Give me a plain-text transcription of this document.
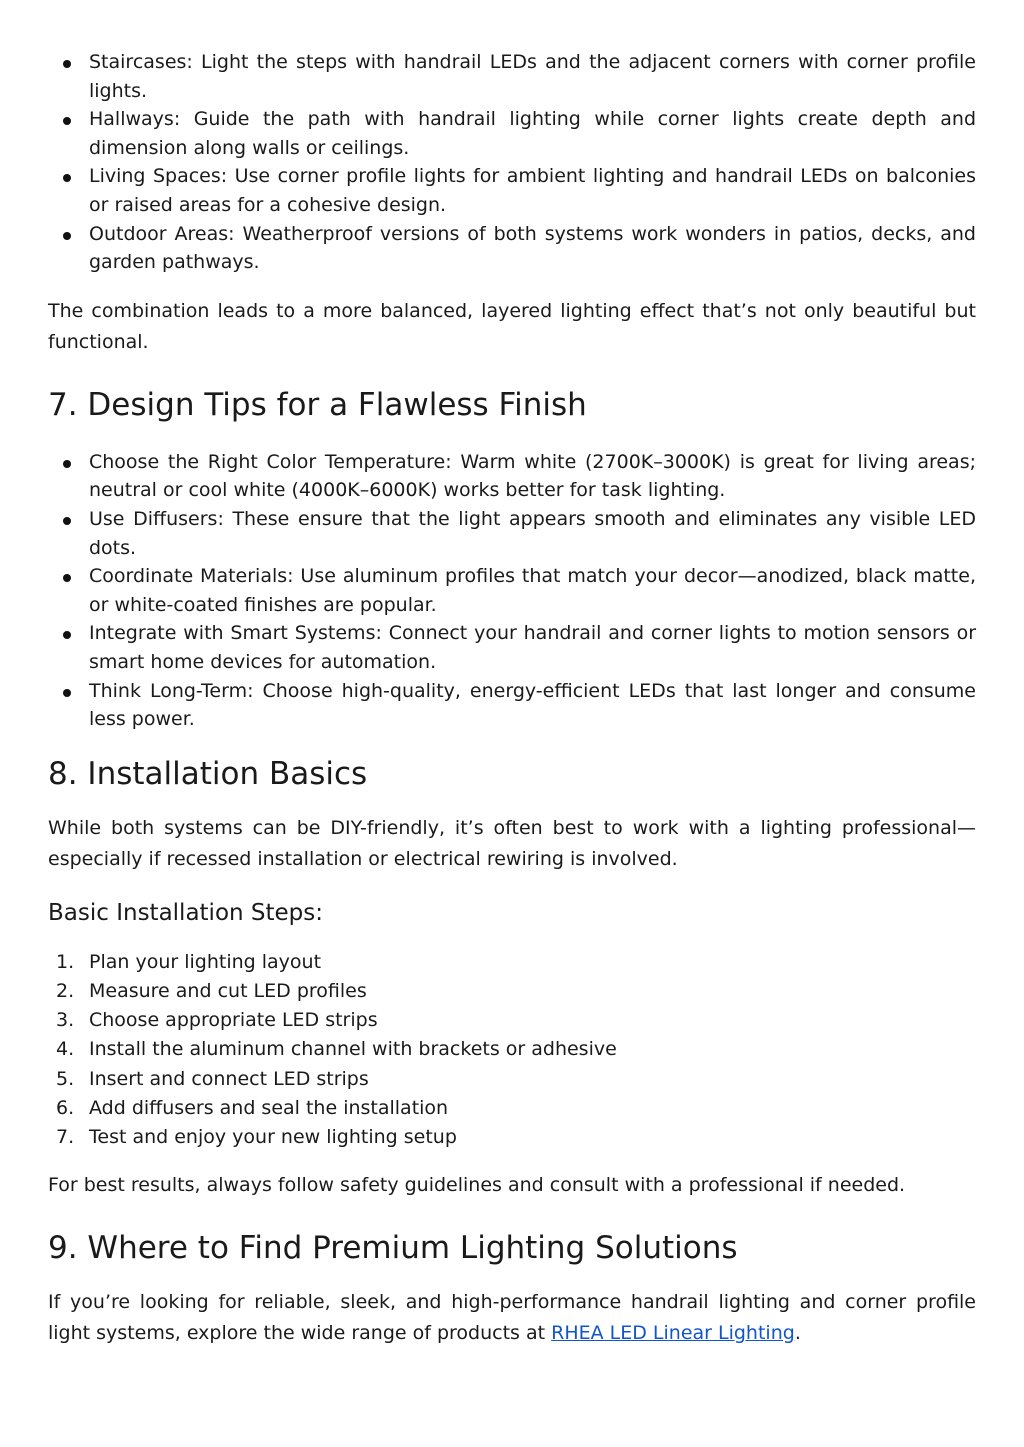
Staircases: Light the steps with handrail LEDs and the adjacent corners with corner profile lights.
Hallways: Guide the path with handrail lighting while corner lights create depth and dimension along walls or ceilings.
Living Spaces: Use corner profile lights for ambient lighting and handrail LEDs on balconies or raised areas for a cohesive design.
Outdoor Areas: Weatherproof versions of both systems work wonders in patios, decks, and garden pathways.

The combination leads to a more balanced, layered lighting effect that’s not only beautiful but functional.

7. Design Tips for a Flawless Finish
Choose the Right Color Temperature: Warm white (2700K–3000K) is great for living areas; neutral or cool white (4000K–6000K) works better for task lighting.
Use Diffusers: These ensure that the light appears smooth and eliminates any visible LED dots.
Coordinate Materials: Use aluminum profiles that match your decor—anodized, black matte, or white-coated finishes are popular.
Integrate with Smart Systems: Connect your handrail and corner lights to motion sensors or smart home devices for automation.
Think Long-Term: Choose high-quality, energy-efficient LEDs that last longer and consume less power.
8. Installation Basics

While both systems can be DIY-friendly, it’s often best to work with a lighting professional—especially if recessed installation or electrical rewiring is involved.

Basic Installation Steps:
1. Plan your lighting layout
2. Measure and cut LED profiles
3. Choose appropriate LED strips
4. Install the aluminum channel with brackets or adhesive
5. Insert and connect LED strips
6. Add diffusers and seal the installation
7. Test and enjoy your new lighting setup

For best results, always follow safety guidelines and consult with a professional if needed.

9. Where to Find Premium Lighting Solutions

If you’re looking for reliable, sleek, and high-performance handrail lighting and corner profile light systems, explore the wide range of products at RHEA LED Linear Lighting.
